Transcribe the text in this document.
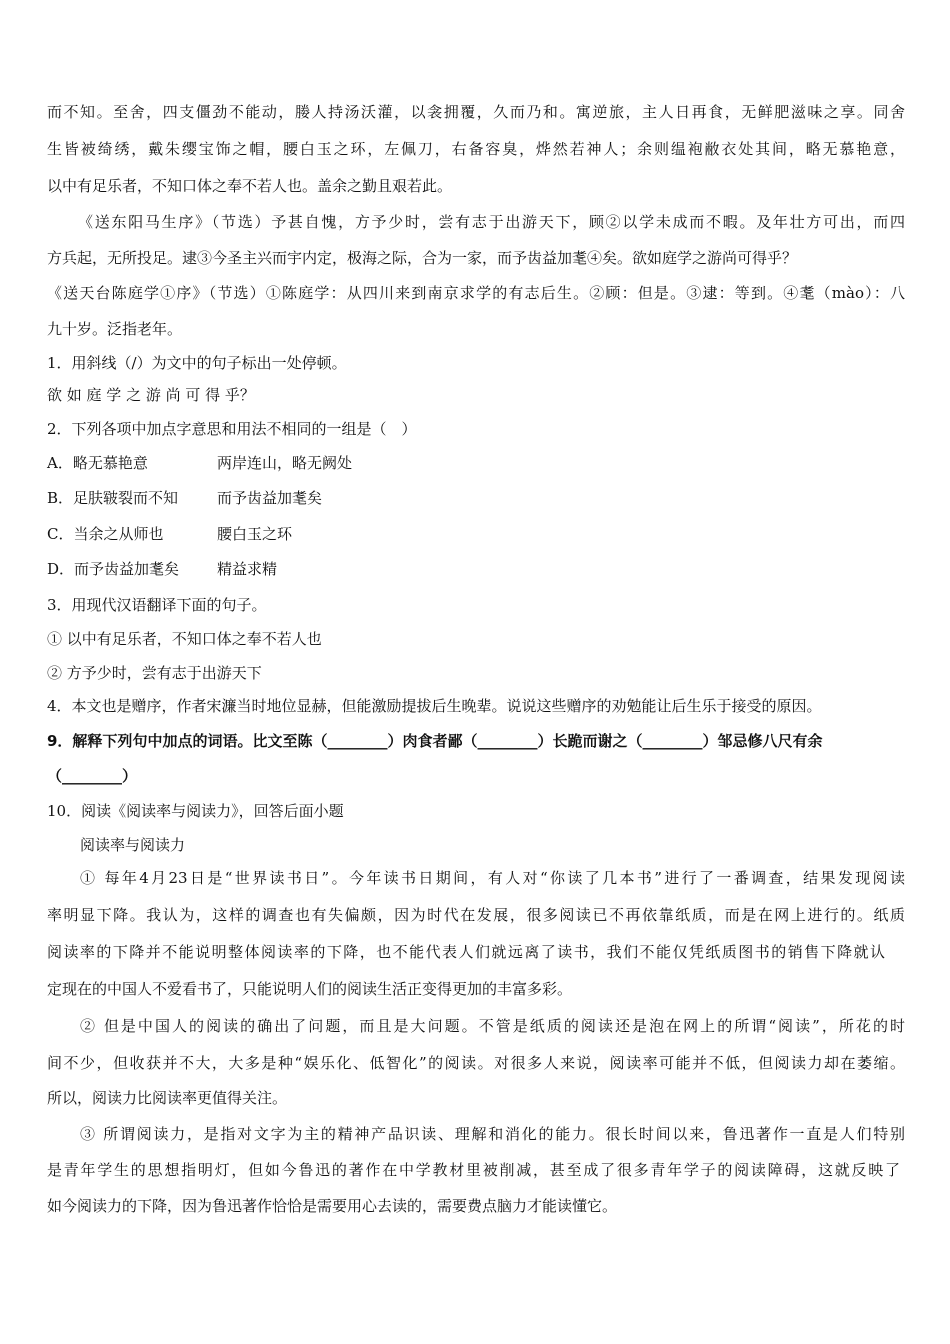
而不知。至舍，四支僵劲不能动，媵人持汤沃灌，以衾拥覆，久而乃和。寓逆旅，主人日再食，无鲜肥滋味之享。同舍
生皆被绮绣，戴朱缨宝饰之帽，腰白玉之环，左佩刀，右备容臭，烨然若神人；余则缊袍敝衣处其间，略无慕艳意，
以中有足乐者，不知口体之奉不若人也。盖余之勤且艰若此。
《送东阳马生序》（节选）予甚自愧，方予少时，尝有志于出游天下，顾②以学未成而不暇。及年壮方可出，而四
方兵起，无所投足。逮③今圣主兴而宇内定，极海之际，合为一家，而予齿益加耄④矣。欲如庭学之游尚可得乎？
《送天台陈庭学①序》（节选）①陈庭学：从四川来到南京求学的有志后生。②顾：但是。③逮：等到。④耄（mào）：八
九十岁。泛指老年。
1．用斜线（/）为文中的句子标出一处停顿。
欲 如 庭 学 之 游 尚 可 得 乎？
2．下列各项中加点字意思和用法不相同的一组是（　）
A．略无慕艳意	两岸连山，略无阙处
B．足肤皲裂而不知	而予齿益加耄矣
C．当余之从师也	腰白玉之环
D．而予齿益加耄矣	精益求精
3．用现代汉语翻译下面的句子。
① 以中有足乐者，不知口体之奉不若人也
② 方予少时，尝有志于出游天下
4．本文也是赠序，作者宋濂当时地位显赫，但能激励提拔后生晚辈。说说这些赠序的劝勉能让后生乐于接受的原因。
9．解释下列句中加点的词语。比文至陈（________）肉食者鄙（________）长跪而谢之（________）邹忌修八尺有余
（________）
10．阅读《阅读率与阅读力》，回答后面小题
阅读率与阅读力
① 每年4月23日是“世界读书日”。今年读书日期间，有人对“你读了几本书”进行了一番调查，结果发现阅读
率明显下降。我认为，这样的调查也有失偏颇，因为时代在发展，很多阅读已不再依靠纸质，而是在网上进行的。纸质
阅读率的下降并不能说明整体阅读率的下降，也不能代表人们就远离了读书，我们不能仅凭纸质图书的销售下降就认
定现在的中国人不爱看书了，只能说明人们的阅读生活正变得更加的丰富多彩。
② 但是中国人的阅读的确出了问题，而且是大问题。不管是纸质的阅读还是泡在网上的所谓“阅读”，所花的时
间不少，但收获并不大，大多是种“娱乐化、低智化”的阅读。对很多人来说，阅读率可能并不低，但阅读力却在萎缩。
所以，阅读力比阅读率更值得关注。
③ 所谓阅读力，是指对文字为主的精神产品识读、理解和消化的能力。很长时间以来，鲁迅著作一直是人们特别
是青年学生的思想指明灯，但如今鲁迅的著作在中学教材里被削减，甚至成了很多青年学子的阅读障碍，这就反映了
如今阅读力的下降，因为鲁迅著作恰恰是需要用心去读的，需要费点脑力才能读懂它。
